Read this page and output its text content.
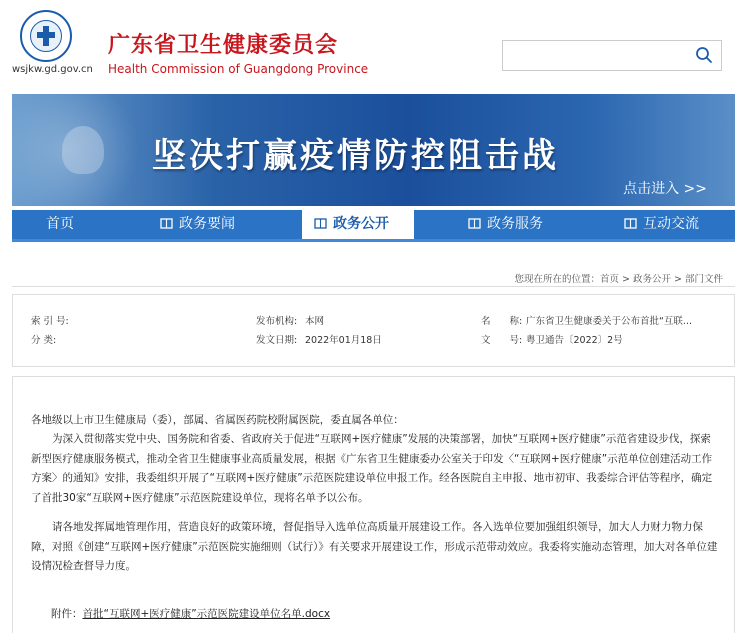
wsjkw.gd.gov.cn
广东省卫生健康委员会
Health Commission of Guangdong Province
坚决打赢疫情防控阻击战
点击进入 >>
首页	政务要闻	政务公开	政务服务	互动交流
您现在所在的位置：首页 > 政务公开 > 部门文件
索 引 号:
分 类:
发布机构: 本网
发文日期: 2022年01月18日
名　　称: 广东省卫生健康委关于公布首批“互联...
文　　号: 粤卫通告〔2022〕2号
各地级以上市卫生健康局（委），部属、省属医药院校附属医院，委直属各单位：
为深入贯彻落实党中央、国务院和省委、省政府关于促进“互联网+医疗健康”发展的决策部署，加快“互联网+医疗健康”示范省建设步伐，探索新型医疗健康服务模式，推动全省卫生健康事业高质量发展，根据《广东省卫生健康委办公室关于印发〈“互联网+医疗健康”示范单位创建活动工作方案〉的通知》安排，我委组织开展了“互联网+医疗健康”示范医院建设单位申报工作。经各医院自主申报、地市初审、我委综合评估等程序，确定了首批30家“互联网+医疗健康”示范医院建设单位，现将名单予以公布。
请各地发挥属地管理作用，营造良好的政策环境，督促指导入选单位高质量开展建设工作。各入选单位要加强组织领导，加大人力财力物力保障，对照《创建“互联网+医疗健康”示范医院实施细则（试行）》有关要求开展建设工作，形成示范带动效应。我委将实施动态管理，加大对各单位建设情况检查督导力度。
附件：首批“互联网+医疗健康”示范医院建设单位名单.docx
